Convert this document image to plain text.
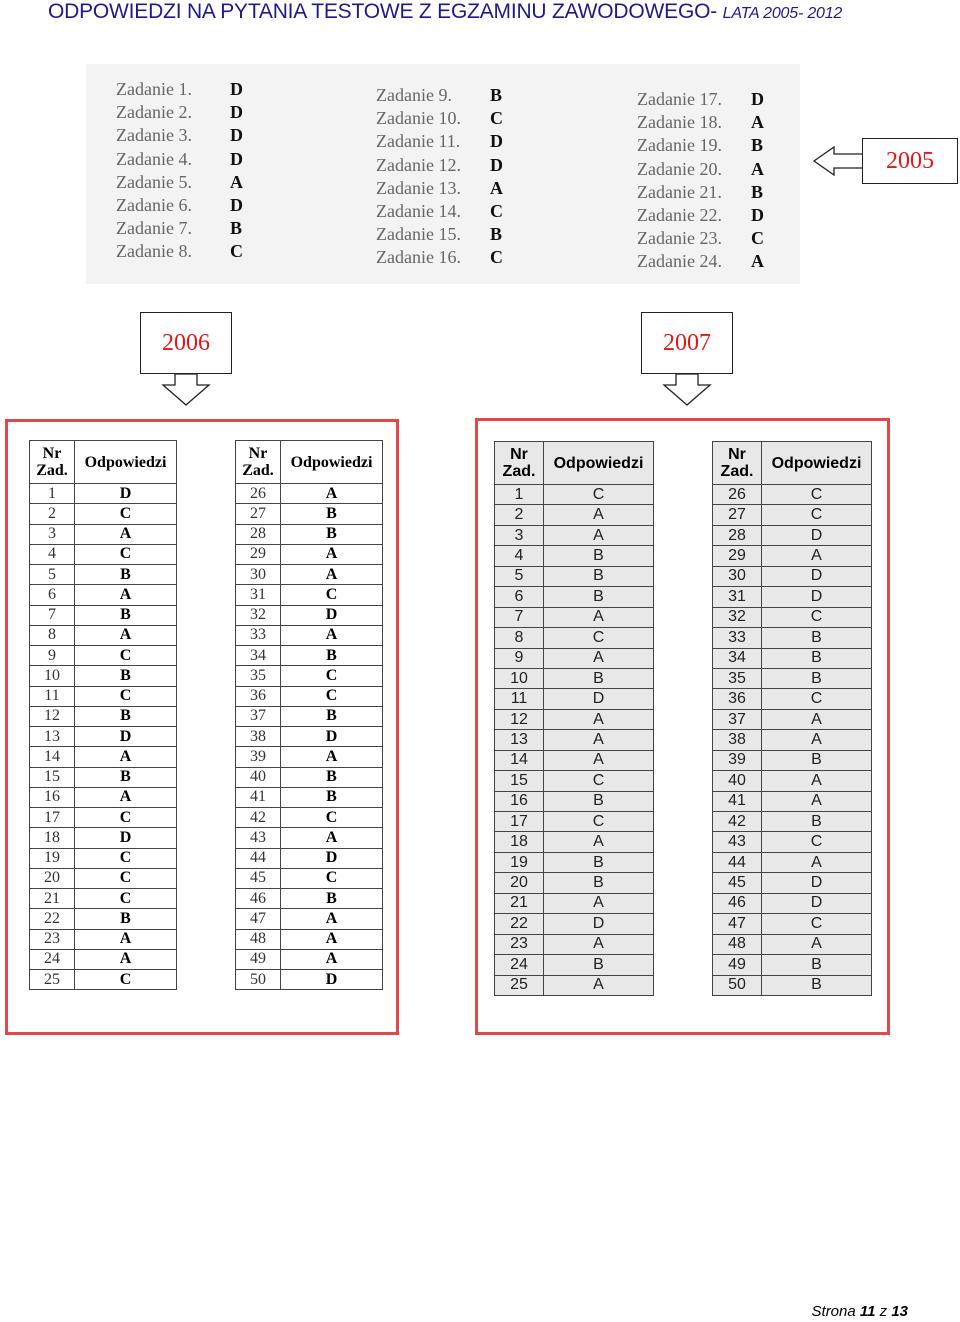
ODPOWIEDZI NA PYTANIA TESTOWE Z EGZAMINU ZAWODOWEGO- LATA 2005- 2012
Zadanie 1. D
Zadanie 2. D
Zadanie 3. D
Zadanie 4. D
Zadanie 5. A
Zadanie 6. D
Zadanie 7. B
Zadanie 8. C
Zadanie 9. B
Zadanie 10. C
Zadanie 11. D
Zadanie 12. D
Zadanie 13. A
Zadanie 14. C
Zadanie 15. B
Zadanie 16. C
Zadanie 17. D
Zadanie 18. A
Zadanie 19. B
Zadanie 20. A
Zadanie 21. B
Zadanie 22. D
Zadanie 23. C
Zadanie 24. A
2005
2006	2007
Nr Zad.	Odpowiedzi
1	D
2	C
3	A
4	C
5	B
6	A
7	B
8	A
9	C
10	B
11	C
12	B
13	D
14	A
15	B
16	A
17	C
18	D
19	C
20	C
21	C
22	B
23	A
24	A
25	C
Nr Zad.	Odpowiedzi
26	A
27	B
28	B
29	A
30	A
31	C
32	D
33	A
34	B
35	C
36	C
37	B
38	D
39	A
40	B
41	B
42	C
43	A
44	D
45	C
46	B
47	A
48	A
49	A
50	D
Nr Zad.	Odpowiedzi
1	C
2	A
3	A
4	B
5	B
6	B
7	A
8	C
9	A
10	B
11	D
12	A
13	A
14	A
15	C
16	B
17	C
18	A
19	B
20	B
21	A
22	D
23	A
24	B
25	A
Nr Zad.	Odpowiedzi
26	C
27	C
28	D
29	A
30	D
31	D
32	C
33	B
34	B
35	B
36	C
37	A
38	A
39	B
40	A
41	A
42	B
43	C
44	A
45	D
46	D
47	C
48	A
49	B
50	B
Strona 11 z 13
